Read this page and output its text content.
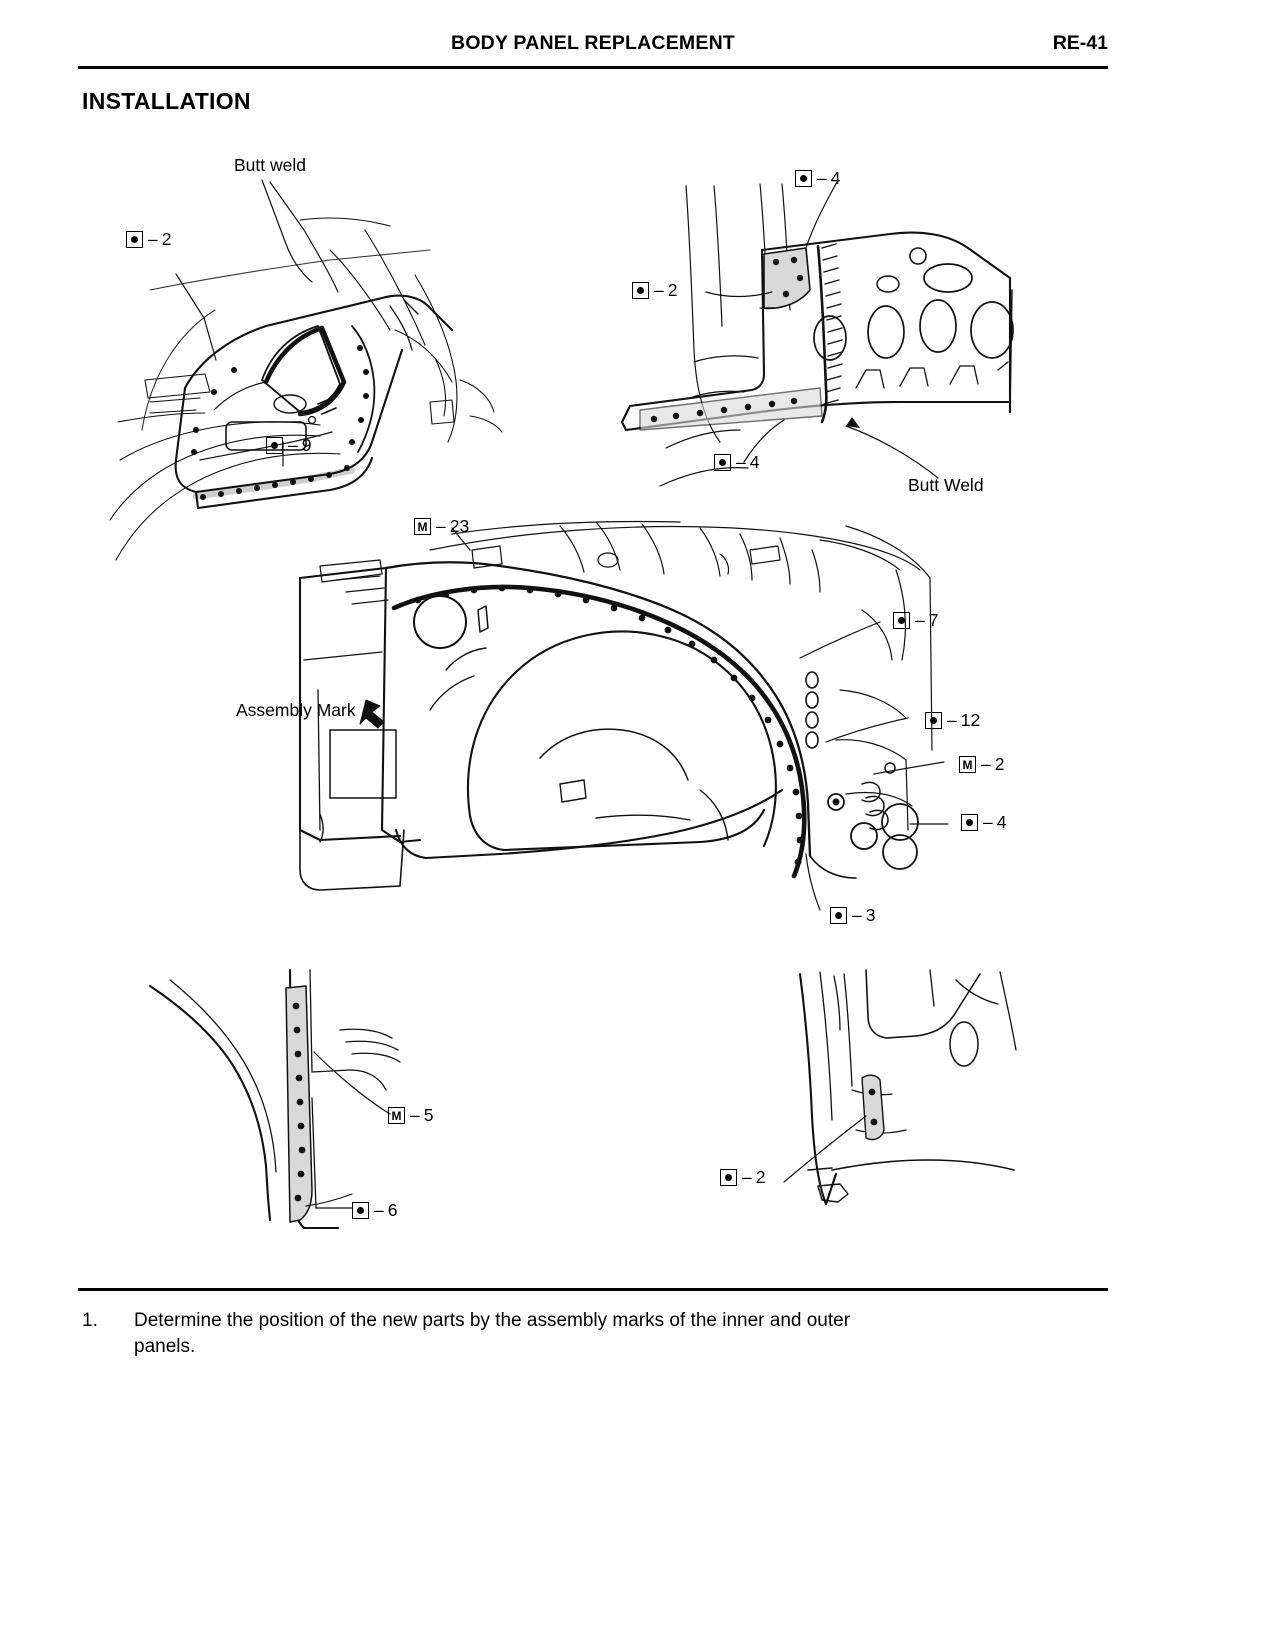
BODY PANEL REPLACEMENT	RE-41
INSTALLATION
Butt weld
– 2
– 9
– 4
– 2
– 4
Butt Weld
M – 23
– 7
– 12
M – 2
– 4
– 3
Assembly Mark
M – 5
– 6
– 2
1.	Determine the position of the new parts by the assembly marks of the inner and outer panels.
